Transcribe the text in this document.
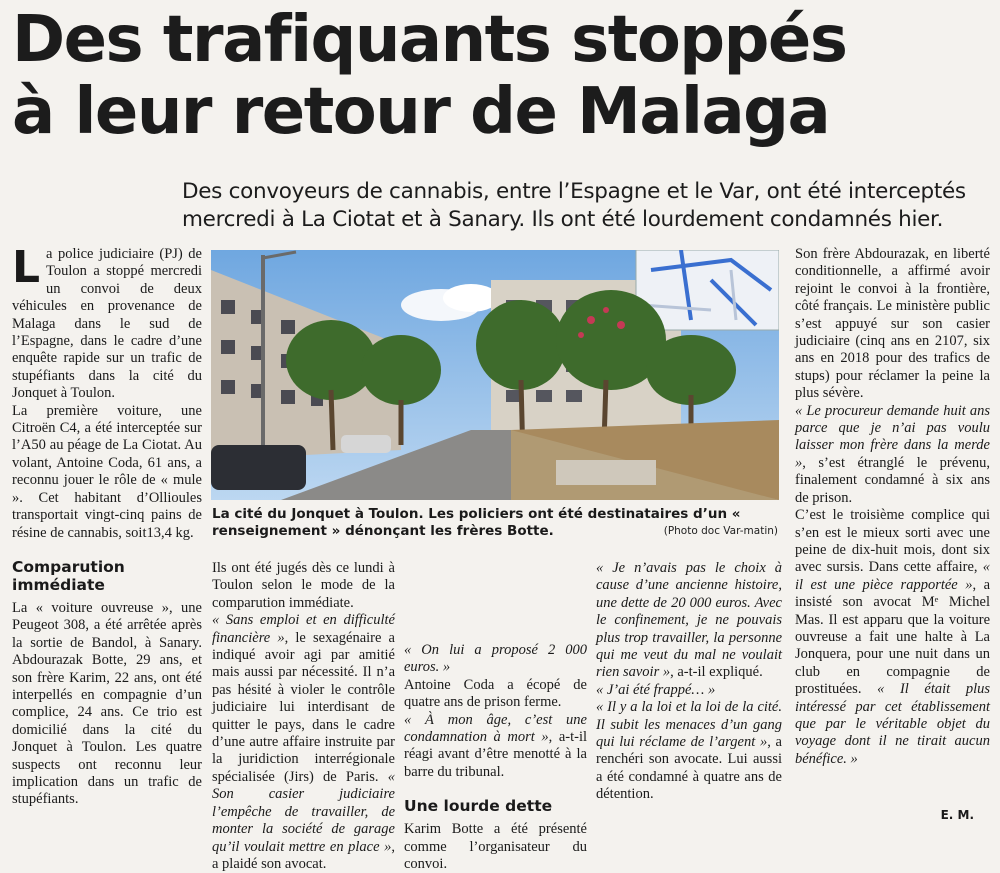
Des trafiquants stoppés
à leur retour de Malaga

Des convoyeurs de cannabis, entre l’Espagne et le Var, ont été interceptés
mercredi à La Ciotat et à Sanary. Ils ont été lourdement condamnés hier.

La police judiciaire (PJ) de Toulon a stoppé mercredi un convoi de deux véhicules en provenance de Malaga dans le sud de l’Espagne, dans le cadre d’une enquête rapide sur un trafic de stupéfiants dans la cité du Jonquet à Toulon.

La première voiture, une Citroën C4, a été interceptée sur l’A50 au péage de La Ciotat. Au volant, Antoine Coda, 61 ans, a reconnu jouer le rôle de « mule ». Cet habitant d’Ollioules transportait vingt-cinq pains de résine de cannabis, soit13,4 kg.

Comparution immédiate

La « voiture ouvreuse », une Peugeot 308, a été arrêtée après la sortie de Bandol, à Sanary. Abdourazak Botte, 29 ans, et son frère Karim, 22 ans, ont été interpellés en compagnie d’un complice, 24 ans. Ce trio est domicilié dans la cité du Jonquet à Toulon. Les quatre suspects ont reconnu leur implication dans un trafic de stupéfiants.

La cité du Jonquet à Toulon. Les policiers ont été destinataires d’un « renseignement » dénonçant les frères Botte.	(Photo doc Var-matin)

Ils ont été jugés dès ce lundi à Toulon selon le mode de la comparution immédiate.

« Sans emploi et en difficulté financière », le sexagénaire a indiqué avoir agi par amitié mais aussi par nécessité. Il n’a pas hésité à violer le contrôle judiciaire lui interdisant de quitter le pays, dans le cadre d’une autre affaire instruite par la juridiction interrégionale spécialisée (Jirs) de Paris. « Son casier judiciaire l’empêche de travailler, de monter la société de garage qu’il voulait mettre en place », a plaidé son avocat.

« On lui a proposé 2 000 euros. »

Antoine Coda a écopé de quatre ans de prison ferme.

« À mon âge, c’est une condamnation à mort », a-t-il réagi avant d’être menotté à la barre du tribunal.

Une lourde dette

Karim Botte a été présenté comme l’organisateur du convoi.

« Je n’avais pas le choix à cause d’une ancienne histoire, une dette de 20 000 euros. Avec le confinement, je ne pouvais plus trop travailler, la personne qui me veut du mal ne voulait rien savoir », a-t-il expliqué.

« J’ai été frappé… »

« Il y a la loi et la loi de la cité. Il subit les menaces d’un gang qui lui réclame de l’argent », a renchéri son avocate. Lui aussi a été condamné à quatre ans de détention.

Son frère Abdourazak, en liberté conditionnelle, a affirmé avoir rejoint le convoi à la frontière, côté français. Le ministère public s’est appuyé sur son casier judiciaire (cinq ans en 2107, six ans en 2018 pour des trafics de stups) pour réclamer la peine la plus sévère.

« Le procureur demande huit ans parce que je n’ai pas voulu laisser mon frère dans la merde », s’est étranglé le prévenu, finalement condamné à six ans de prison.

C’est le troisième complice qui s’en est le mieux sorti avec une peine de dix-huit mois, dont six avec sursis. Dans cette affaire, « il est une pièce rapportée », a insisté son avocat Mᵉ Michel Mas. Il est apparu que la voiture ouvreuse a fait une halte à La Jonquera, pour une nuit dans un club en compagnie de prostituées. « Il était plus intéressé par cet établissement que par le véritable objet du voyage dont il ne tirait aucun bénéfice. »

E. M.
